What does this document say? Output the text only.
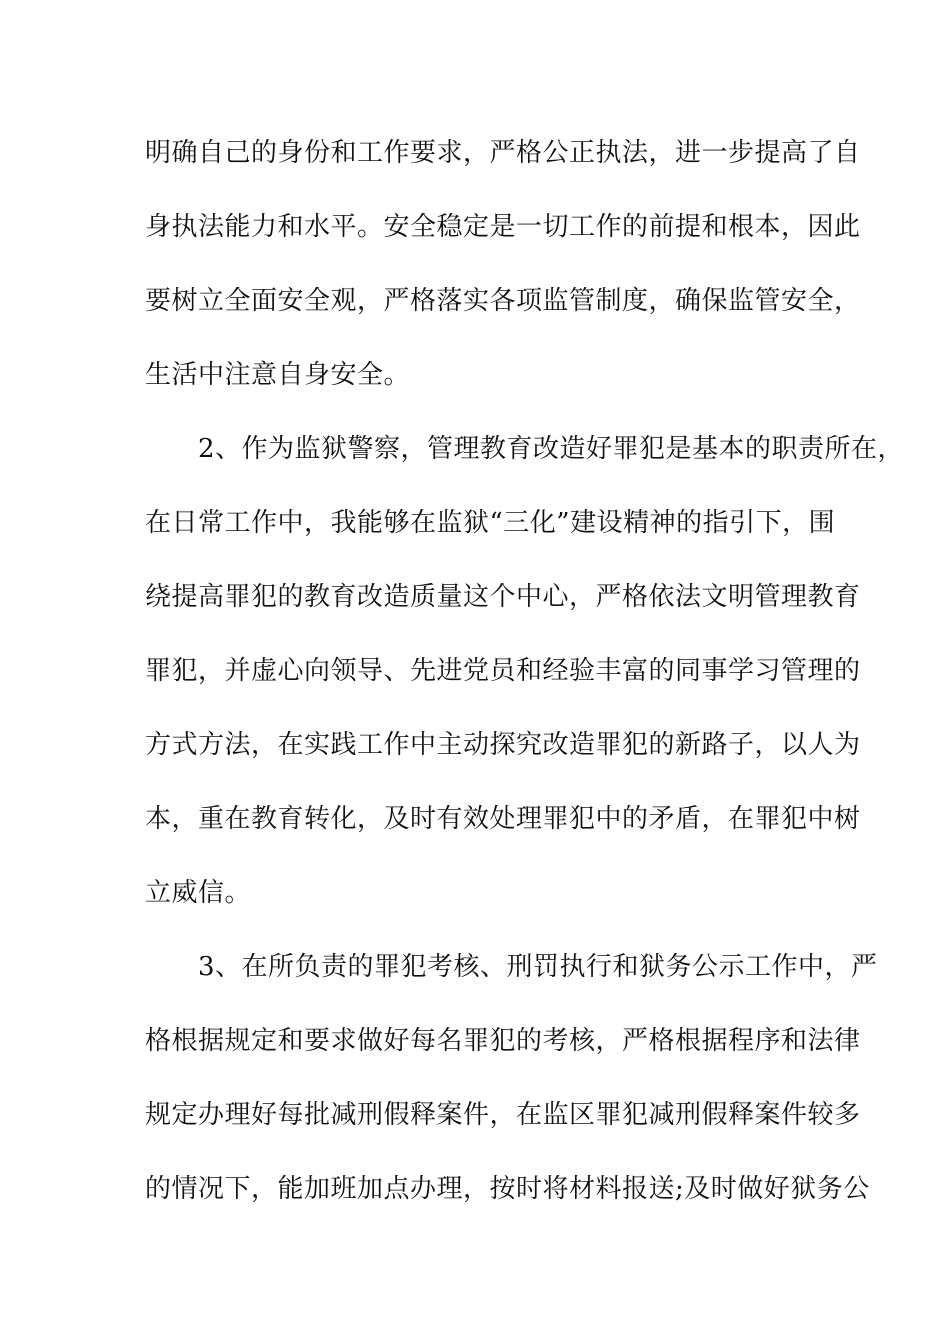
明确自己的身份和工作要求，严格公正执法，进一步提高了自
身执法能力和水平。安全稳定是一切工作的前提和根本，因此
要树立全面安全观，严格落实各项监管制度，确保监管安全，
生活中注意自身安全。
　　2、作为监狱警察，管理教育改造好罪犯是基本的职责所在，
在日常工作中，我能够在监狱“三化”建设精神的指引下，围
绕提高罪犯的教育改造质量这个中心，严格依法文明管理教育
罪犯，并虚心向领导、先进党员和经验丰富的同事学习管理的
方式方法，在实践工作中主动探究改造罪犯的新路子，以人为
本，重在教育转化，及时有效处理罪犯中的矛盾，在罪犯中树
立威信。
　　3、在所负责的罪犯考核、刑罚执行和狱务公示工作中，严
格根据规定和要求做好每名罪犯的考核，严格根据程序和法律
规定办理好每批减刑假释案件，在监区罪犯减刑假释案件较多
的情况下，能加班加点办理，按时将材料报送;及时做好狱务公
